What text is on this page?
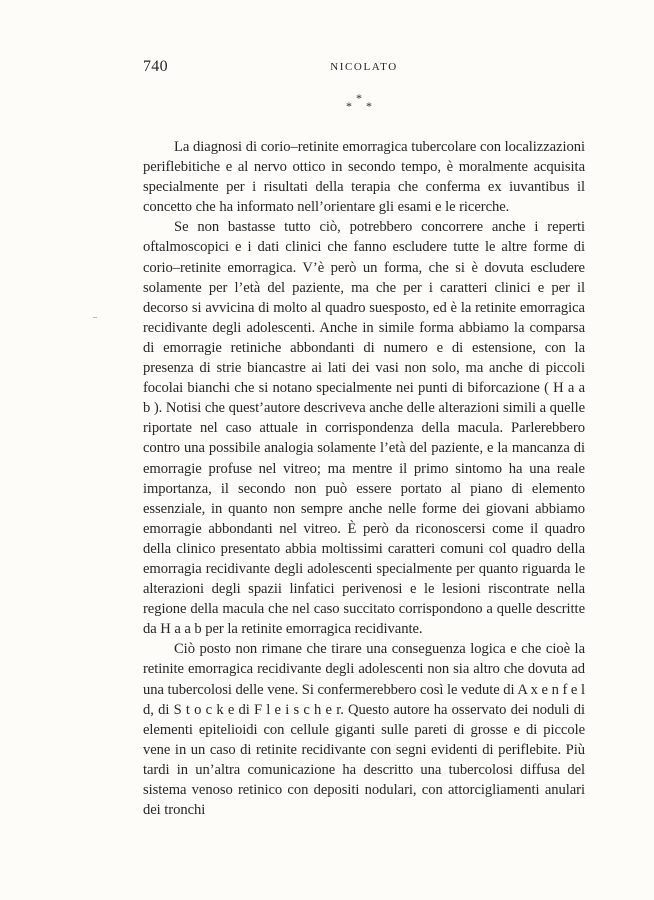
740	NICOLATO
*
* *

La diagnosi di corio–retinite emorragica tubercolare con localizzazioni periflebitiche e al nervo ottico in secondo tempo, è moralmente acquisita specialmente per i risultati della terapia che conferma ex iuvantibus il concetto che ha informato nell’orientare gli esami e le ricerche.

Se non bastasse tutto ciò, potrebbero concorrere anche i reperti oftalmoscopici e i dati clinici che fanno escludere tutte le altre forme di corio–retinite emorragica. V’è però un forma, che si è dovuta escludere solamente per l’età del paziente, ma che per i caratteri clinici e per il decorso si avvicina di molto al quadro suesposto, ed è la retinite emorragica recidivante degli adolescenti. Anche in simile forma abbiamo la comparsa di emorragie retiniche abbondanti di numero e di estensione, con la presenza di strie biancastre ai lati dei vasi non solo, ma anche di piccoli focolai bianchi che si notano specialmente nei punti di biforcazione ( H a a b ). Notisi che quest’autore descriveva anche delle alterazioni simili a quelle riportate nel caso attuale in corrispondenza della macula. Parlerebbero contro una possibile analogia solamente l’età del paziente, e la mancanza di emorragie profuse nel vitreo; ma mentre il primo sintomo ha una reale importanza, il secondo non può essere portato al piano di elemento essenziale, in quanto non sempre anche nelle forme dei giovani abbiamo emorragie abbondanti nel vitreo. È però da riconoscersi come il quadro della clinico presentato abbia moltissimi caratteri comuni col quadro della emorragia recidivante degli adolescenti specialmente per quanto riguarda le alterazioni degli spazii linfatici perivenosi e le lesioni riscontrate nella regione della macula che nel caso succitato corrispondono a quelle descritte da H a a b per la retinite emorragica recidivante.

Ciò posto non rimane che tirare una conseguenza logica e che cioè la retinite emorragica recidivante degli adolescenti non sia altro che dovuta ad una tubercolosi delle vene. Si confermerebbero così le vedute di A x e n f e l d, di S t o c k e di F l e i s c h e r. Questo autore ha osservato dei noduli di elementi epitelioidi con cellule giganti sulle pareti di grosse e di piccole vene in un caso di retinite recidivante con segni evidenti di periflebite. Più tardi in un’altra comunicazione ha descritto una tubercolosi diffusa del sistema venoso retinico con depositi nodulari, con attorcigliamenti anulari dei tronchi
